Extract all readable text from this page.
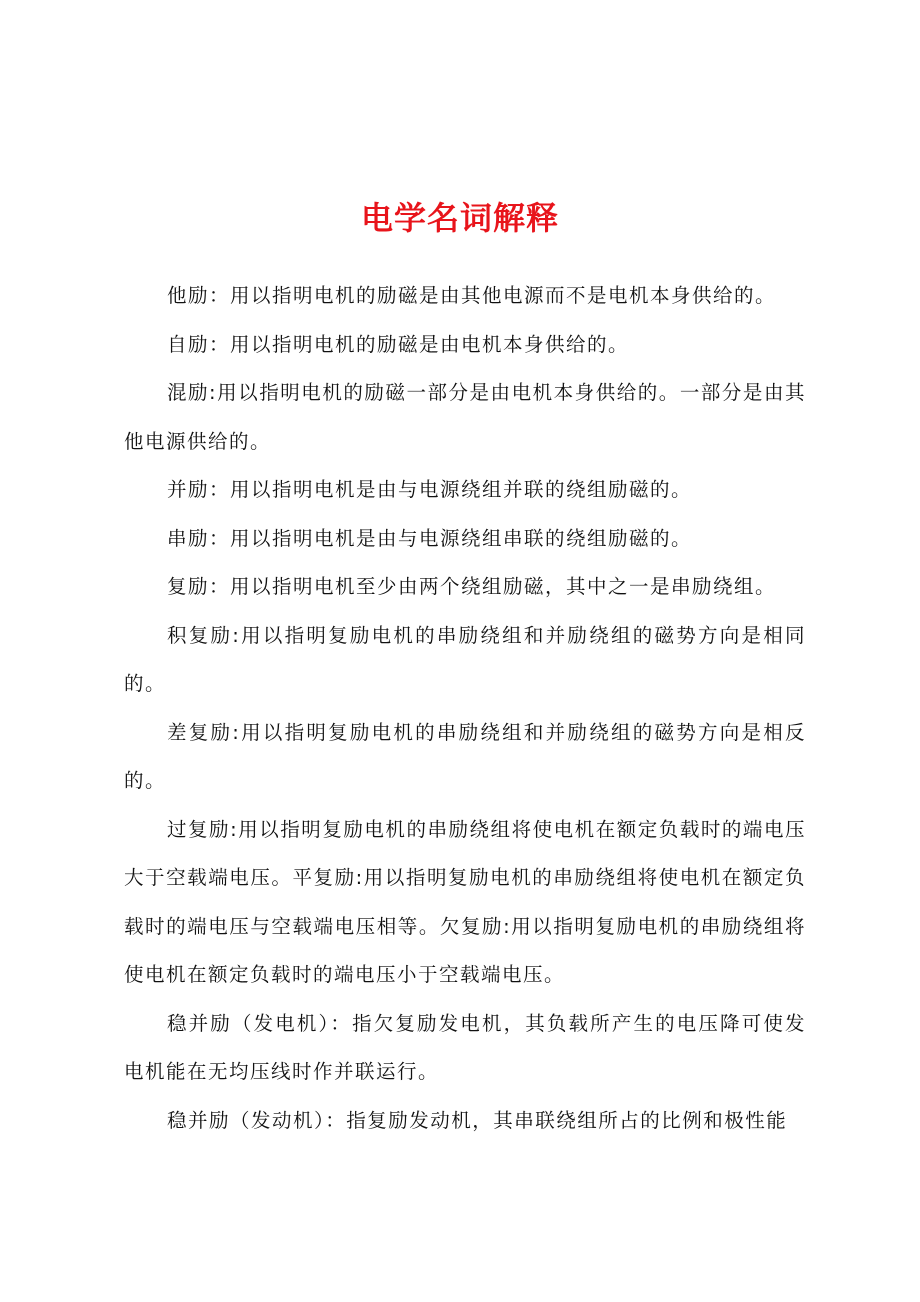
电学名词解释

他励：用以指明电机的励磁是由其他电源而不是电机本身供给的。

自励：用以指明电机的励磁是由电机本身供给的。

混励:用以指明电机的励磁一部分是由电机本身供给的。一部分是由其他电源供给的。

并励：用以指明电机是由与电源绕组并联的绕组励磁的。

串励：用以指明电机是由与电源绕组串联的绕组励磁的。

复励：用以指明电机至少由两个绕组励磁，其中之一是串励绕组。

积复励:用以指明复励电机的串励绕组和并励绕组的磁势方向是相同的。

差复励:用以指明复励电机的串励绕组和并励绕组的磁势方向是相反的。

过复励:用以指明复励电机的串励绕组将使电机在额定负载时的端电压大于空载端电压。平复励:用以指明复励电机的串励绕组将使电机在额定负载时的端电压与空载端电压相等。欠复励:用以指明复励电机的串励绕组将使电机在额定负载时的端电压小于空载端电压。

稳并励（发电机）：指欠复励发电机，其负载所产生的电压降可使发电机能在无均压线时作并联运行。

稳并励（发动机）：指复励发动机，其串联绕组所占的比例和极性能
